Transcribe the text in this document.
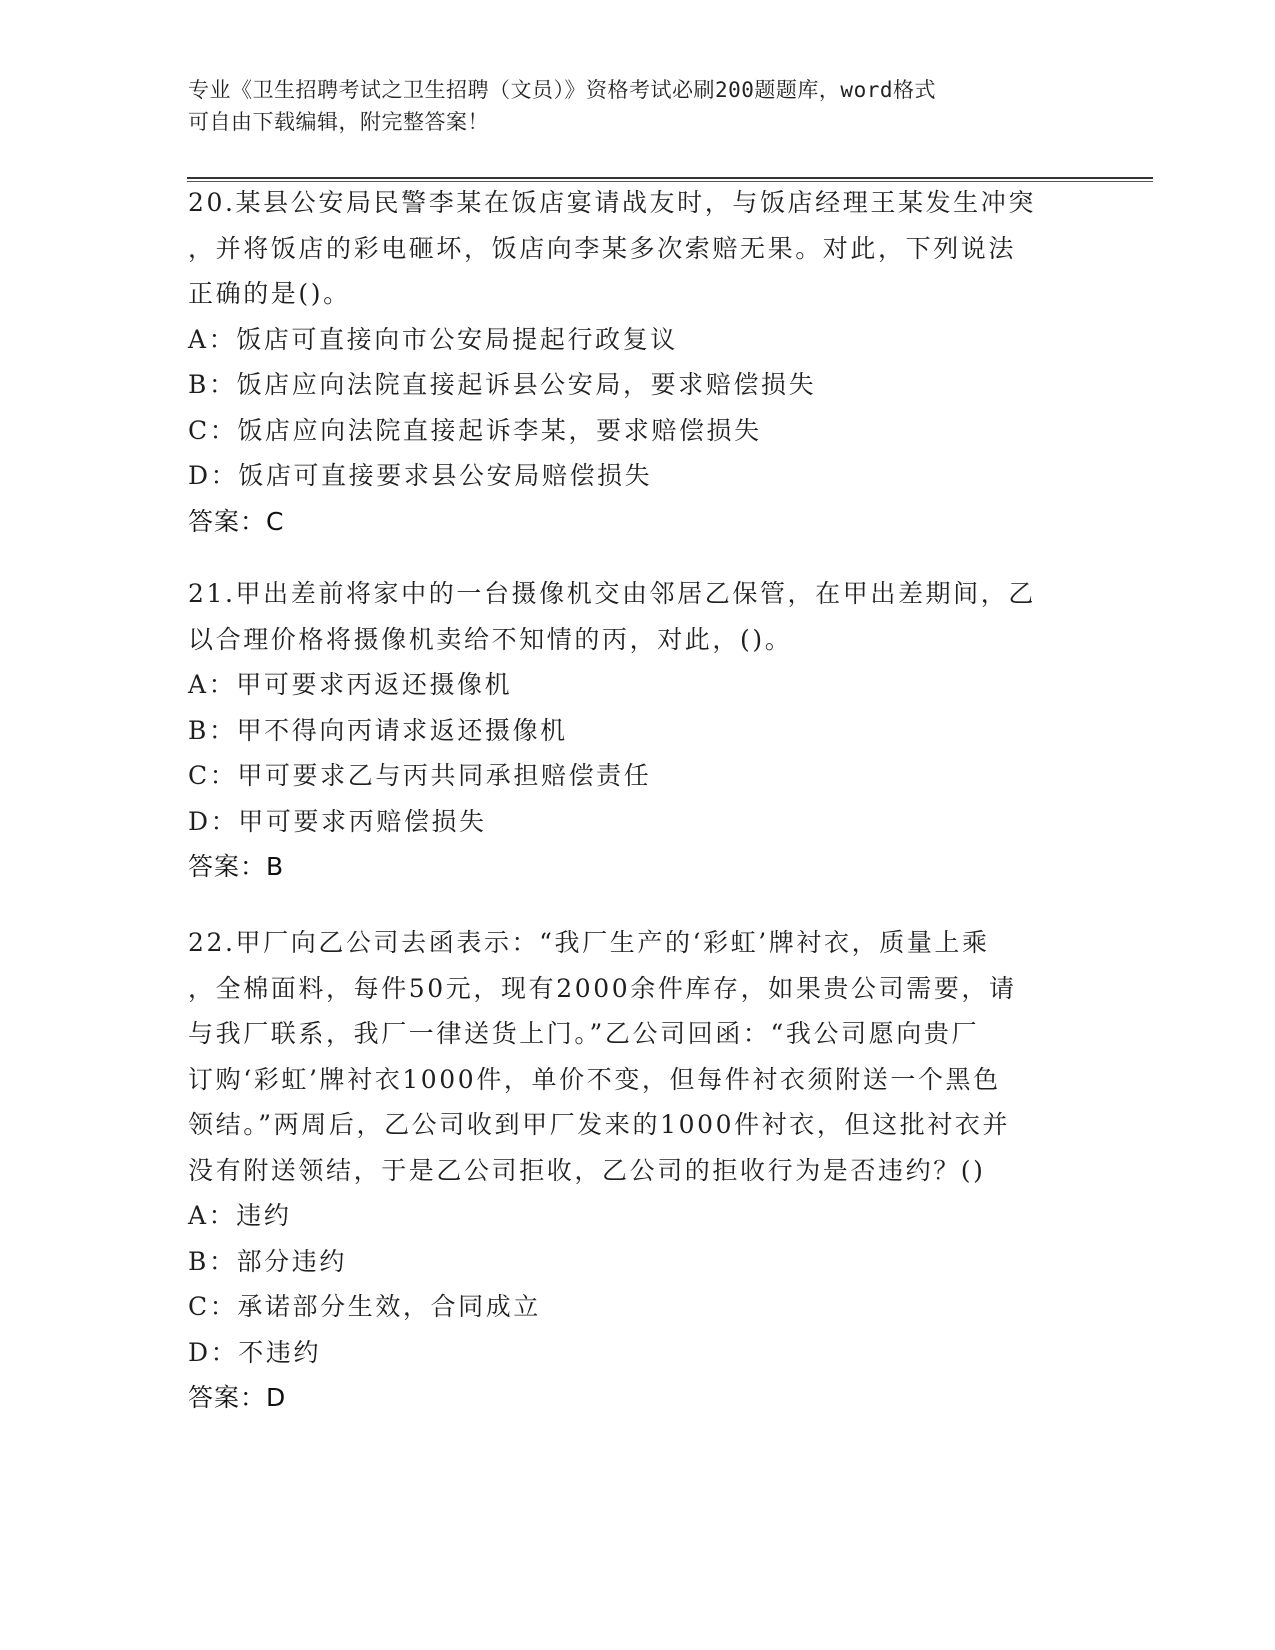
专业《卫生招聘考试之卫生招聘（文员）》资格考试必刷200题题库，word格式
可自由下载编辑，附完整答案！
20.某县公安局民警李某在饭店宴请战友时，与饭店经理王某发生冲突
，并将饭店的彩电砸坏，饭店向李某多次索赔无果。对此，下列说法
正确的是()。
A：饭店可直接向市公安局提起行政复议
B：饭店应向法院直接起诉县公安局，要求赔偿损失
C：饭店应向法院直接起诉李某，要求赔偿损失
D：饭店可直接要求县公安局赔偿损失
答案：C
21.甲出差前将家中的一台摄像机交由邻居乙保管，在甲出差期间，乙
以合理价格将摄像机卖给不知情的丙，对此，()。
A：甲可要求丙返还摄像机
B：甲不得向丙请求返还摄像机
C：甲可要求乙与丙共同承担赔偿责任
D：甲可要求丙赔偿损失
答案：B
22.甲厂向乙公司去函表示：“我厂生产的‘彩虹’牌衬衣，质量上乘
，全棉面料，每件50元，现有2000余件库存，如果贵公司需要，请
与我厂联系，我厂一律送货上门。”乙公司回函：“我公司愿向贵厂
订购‘彩虹’牌衬衣1000件，单价不变，但每件衬衣须附送一个黑色
领结。”两周后，乙公司收到甲厂发来的1000件衬衣，但这批衬衣并
没有附送领结，于是乙公司拒收，乙公司的拒收行为是否违约？()
A：违约
B：部分违约
C：承诺部分生效，合同成立
D：不违约
答案：D
